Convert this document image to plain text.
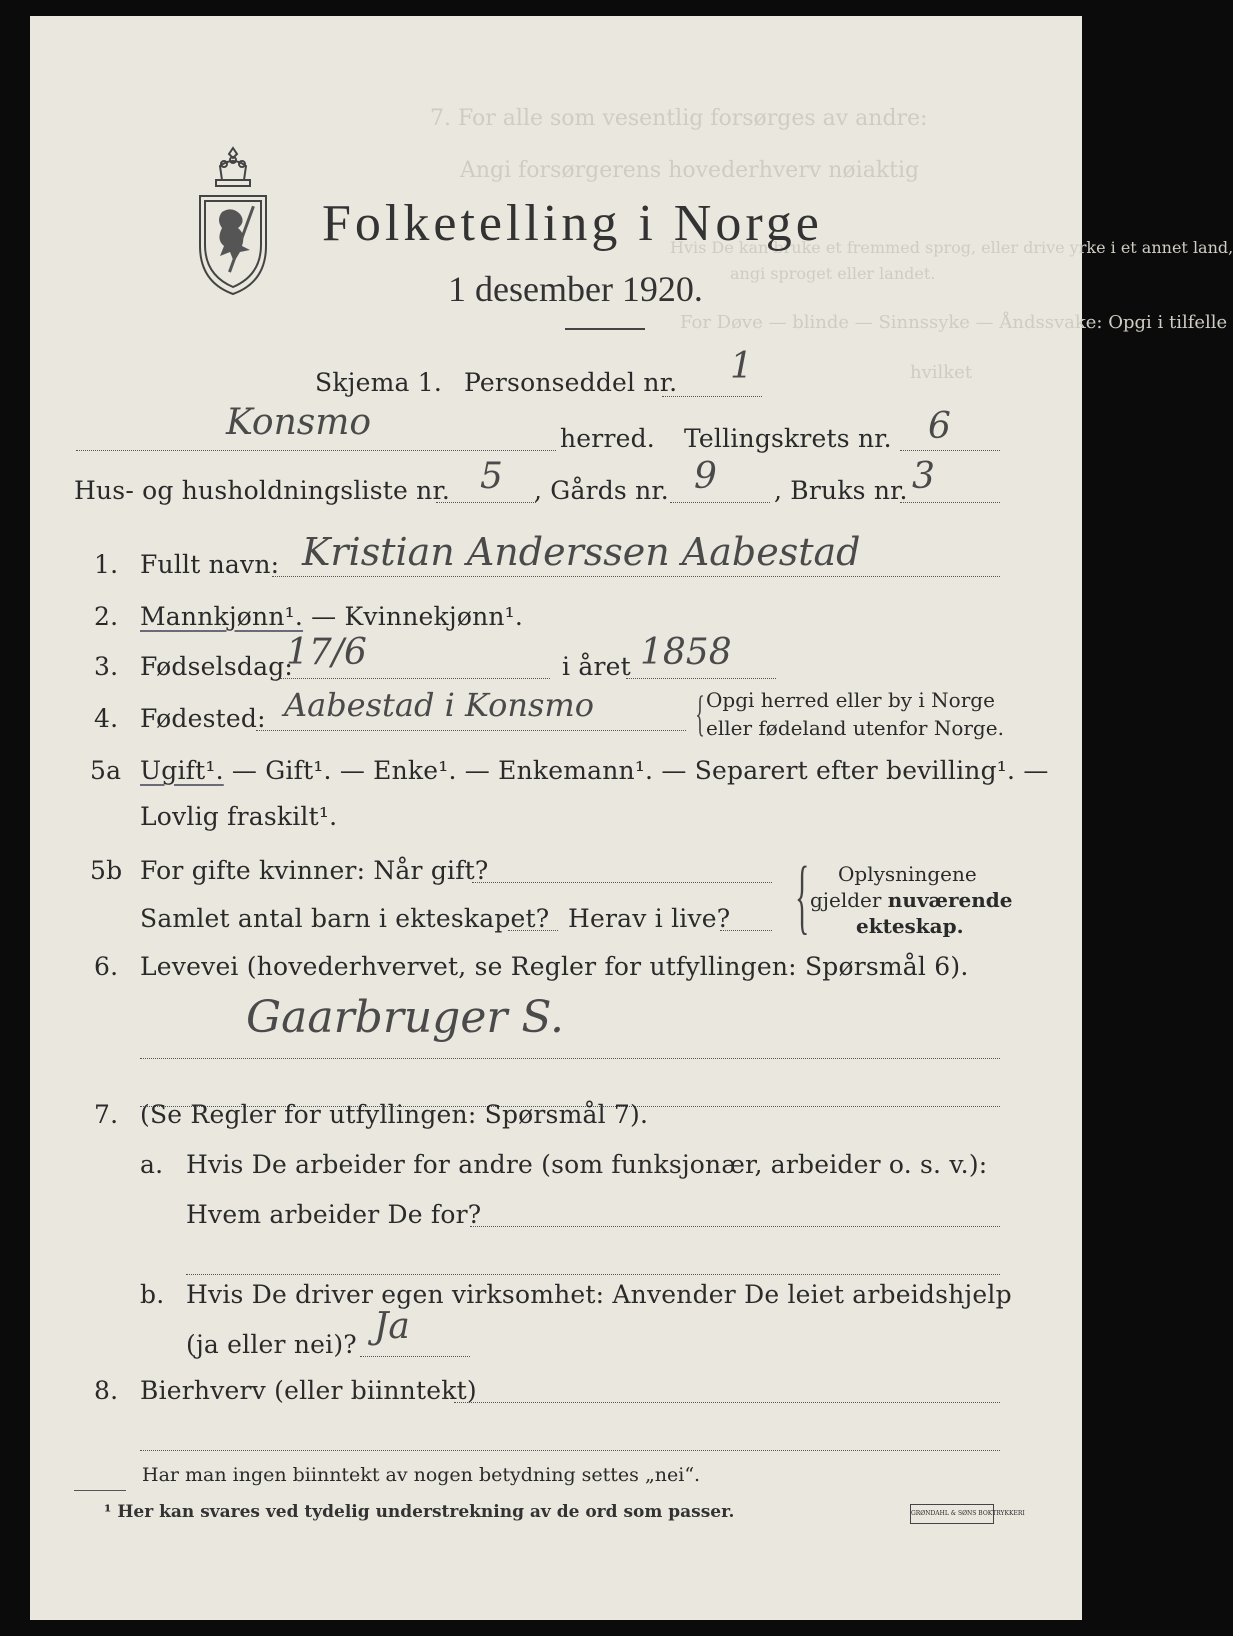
7. For alle som vesentlig forsørges av andre:
Angi forsørgerens hovederhverv nøiaktig
Hvis De kan bruke et fremmed sprog, eller drive yrke i et annet land,
angi sproget eller landet.
For Døve — blinde — Sinnssyke — Åndssvake: Opgi i tilfelle
hvilket
Folketelling i Norge
1 desember 1920.
Skjema 1. Personseddel nr. 1
Konsmo	herred. Tellingskrets nr. 6
Hus- og husholdningsliste nr. 5 , Gårds nr. 9 , Bruks nr. 3
1. Fullt navn: Kristian Anderssen Aabestad
2. Mannkjønn¹. — Kvinnekjønn¹.
3. Fødselsdag:
17/6	i året 1858
4. Fødested: Aabestad i Konsmo { Opgi herred eller by i Norge
eller fødeland utenfor Norge.
5a Ugift¹. — Gift¹. — Enke¹. — Enkemann¹. — Separert efter bevilling¹. —
Lovlig fraskilt¹.
5b For gifte kvinner: Når gift?
Samlet antal barn i ekteskapet? Herav i live? { Oplysningene
gjelder nuværende
ekteskap.
6. Levevei (hovederhvervet, se Regler for utfyllingen: Spørsmål 6).
Gaarbruger S.
7. (Se Regler for utfyllingen: Spørsmål 7).
a. Hvis De arbeider for andre (som funksjonær, arbeider o. s. v.):
Hvem arbeider De for?
b. Hvis De driver egen virksomhet: Anvender De leiet arbeidshjelp
(ja eller nei)? Ja
8. Bierhverv (eller biinntekt)
Har man ingen biinntekt av nogen betydning settes „nei“.
¹ Her kan svares ved tydelig understrekning av de ord som passer.	GRØNDAHL & SØNS BOKTRYKKERI
